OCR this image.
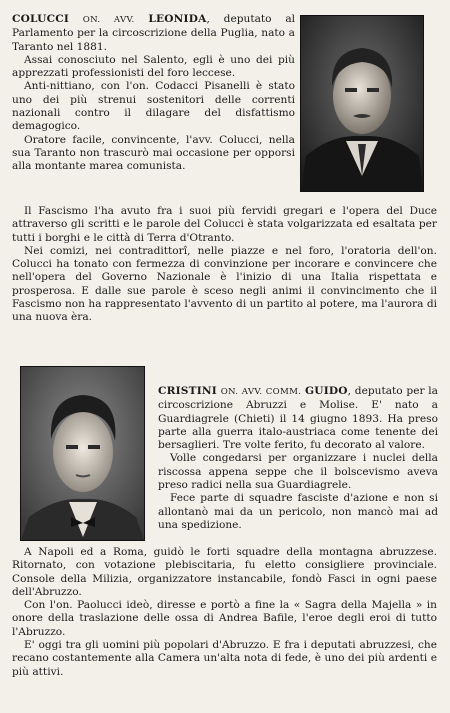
COLUCCI ON. AVV. LEONIDA, deputato al Parlamento per la circoscrizione della Puglia, nato a Taranto nel 1881.

Assai conosciuto nel Salento, egli è uno dei più apprezzati professionisti del foro leccese.

Anti-nittiano, con l'on. Codacci Pisanelli è stato uno dei più strenui sostenitori delle correnti nazionali contro il dilagare del disfattismo demagogico.

Oratore facile, convincente, l'avv. Colucci, nella sua Taranto non trascurò mai occasione per opporsi alla montante marea comunista.

Il Fascismo l'ha avuto fra i suoi più fervidi gregari e l'opera del Duce attraverso gli scritti e le parole del Colucci è stata volgarizzata ed esaltata per tutti i borghi e le città di Terra d'Otranto.

Nei comizi, nei contradittorî, nelle piazze e nel foro, l'oratoria dell'on. Colucci ha tonato con fermezza di convinzione per incorare e convincere che nell'opera del Governo Nazionale è l'inizio di una Italia rispettata e prosperosa. E dalle sue parole è sceso negli animi il convincimento che il Fascismo non ha rappresentato l'avvento di un partito al potere, ma l'aurora di una nuova èra.

CRISTINI ON. AVV. COMM. GUIDO, deputato per la circoscrizione Abruzzi e Molise. E' nato a Guardiagrele (Chieti) il 14 giugno 1893. Ha preso parte alla guerra italo-austriaca come tenente dei bersaglieri. Tre volte ferito, fu decorato al valore.

Volle congedarsi per organizzare i nuclei della riscossa appena seppe che il bolscevismo aveva preso radici nella sua Guardiagrele.

Fece parte di squadre fasciste d'azione e non si allontanò mai da un pericolo, non mancò mai ad una spedizione.

A Napoli ed a Roma, guidò le forti squadre della montagna abruzzese. Ritornato, con votazione plebiscitaria, fu eletto consigliere provinciale. Console della Milizia, organizzatore instancabile, fondò Fasci in ogni paese dell'Abruzzo.

Con l'on. Paolucci ideò, diresse e portò a fine la « Sagra della Majella » in onore della traslazione delle ossa di Andrea Bafile, l'eroe degli eroi di tutto l'Abruzzo.

E' oggi tra gli uomini più popolari d'Abruzzo. E fra i deputati abruzzesi, che recano costantemente alla Camera un'alta nota di fede, è uno dei più ardenti e più attivi.
